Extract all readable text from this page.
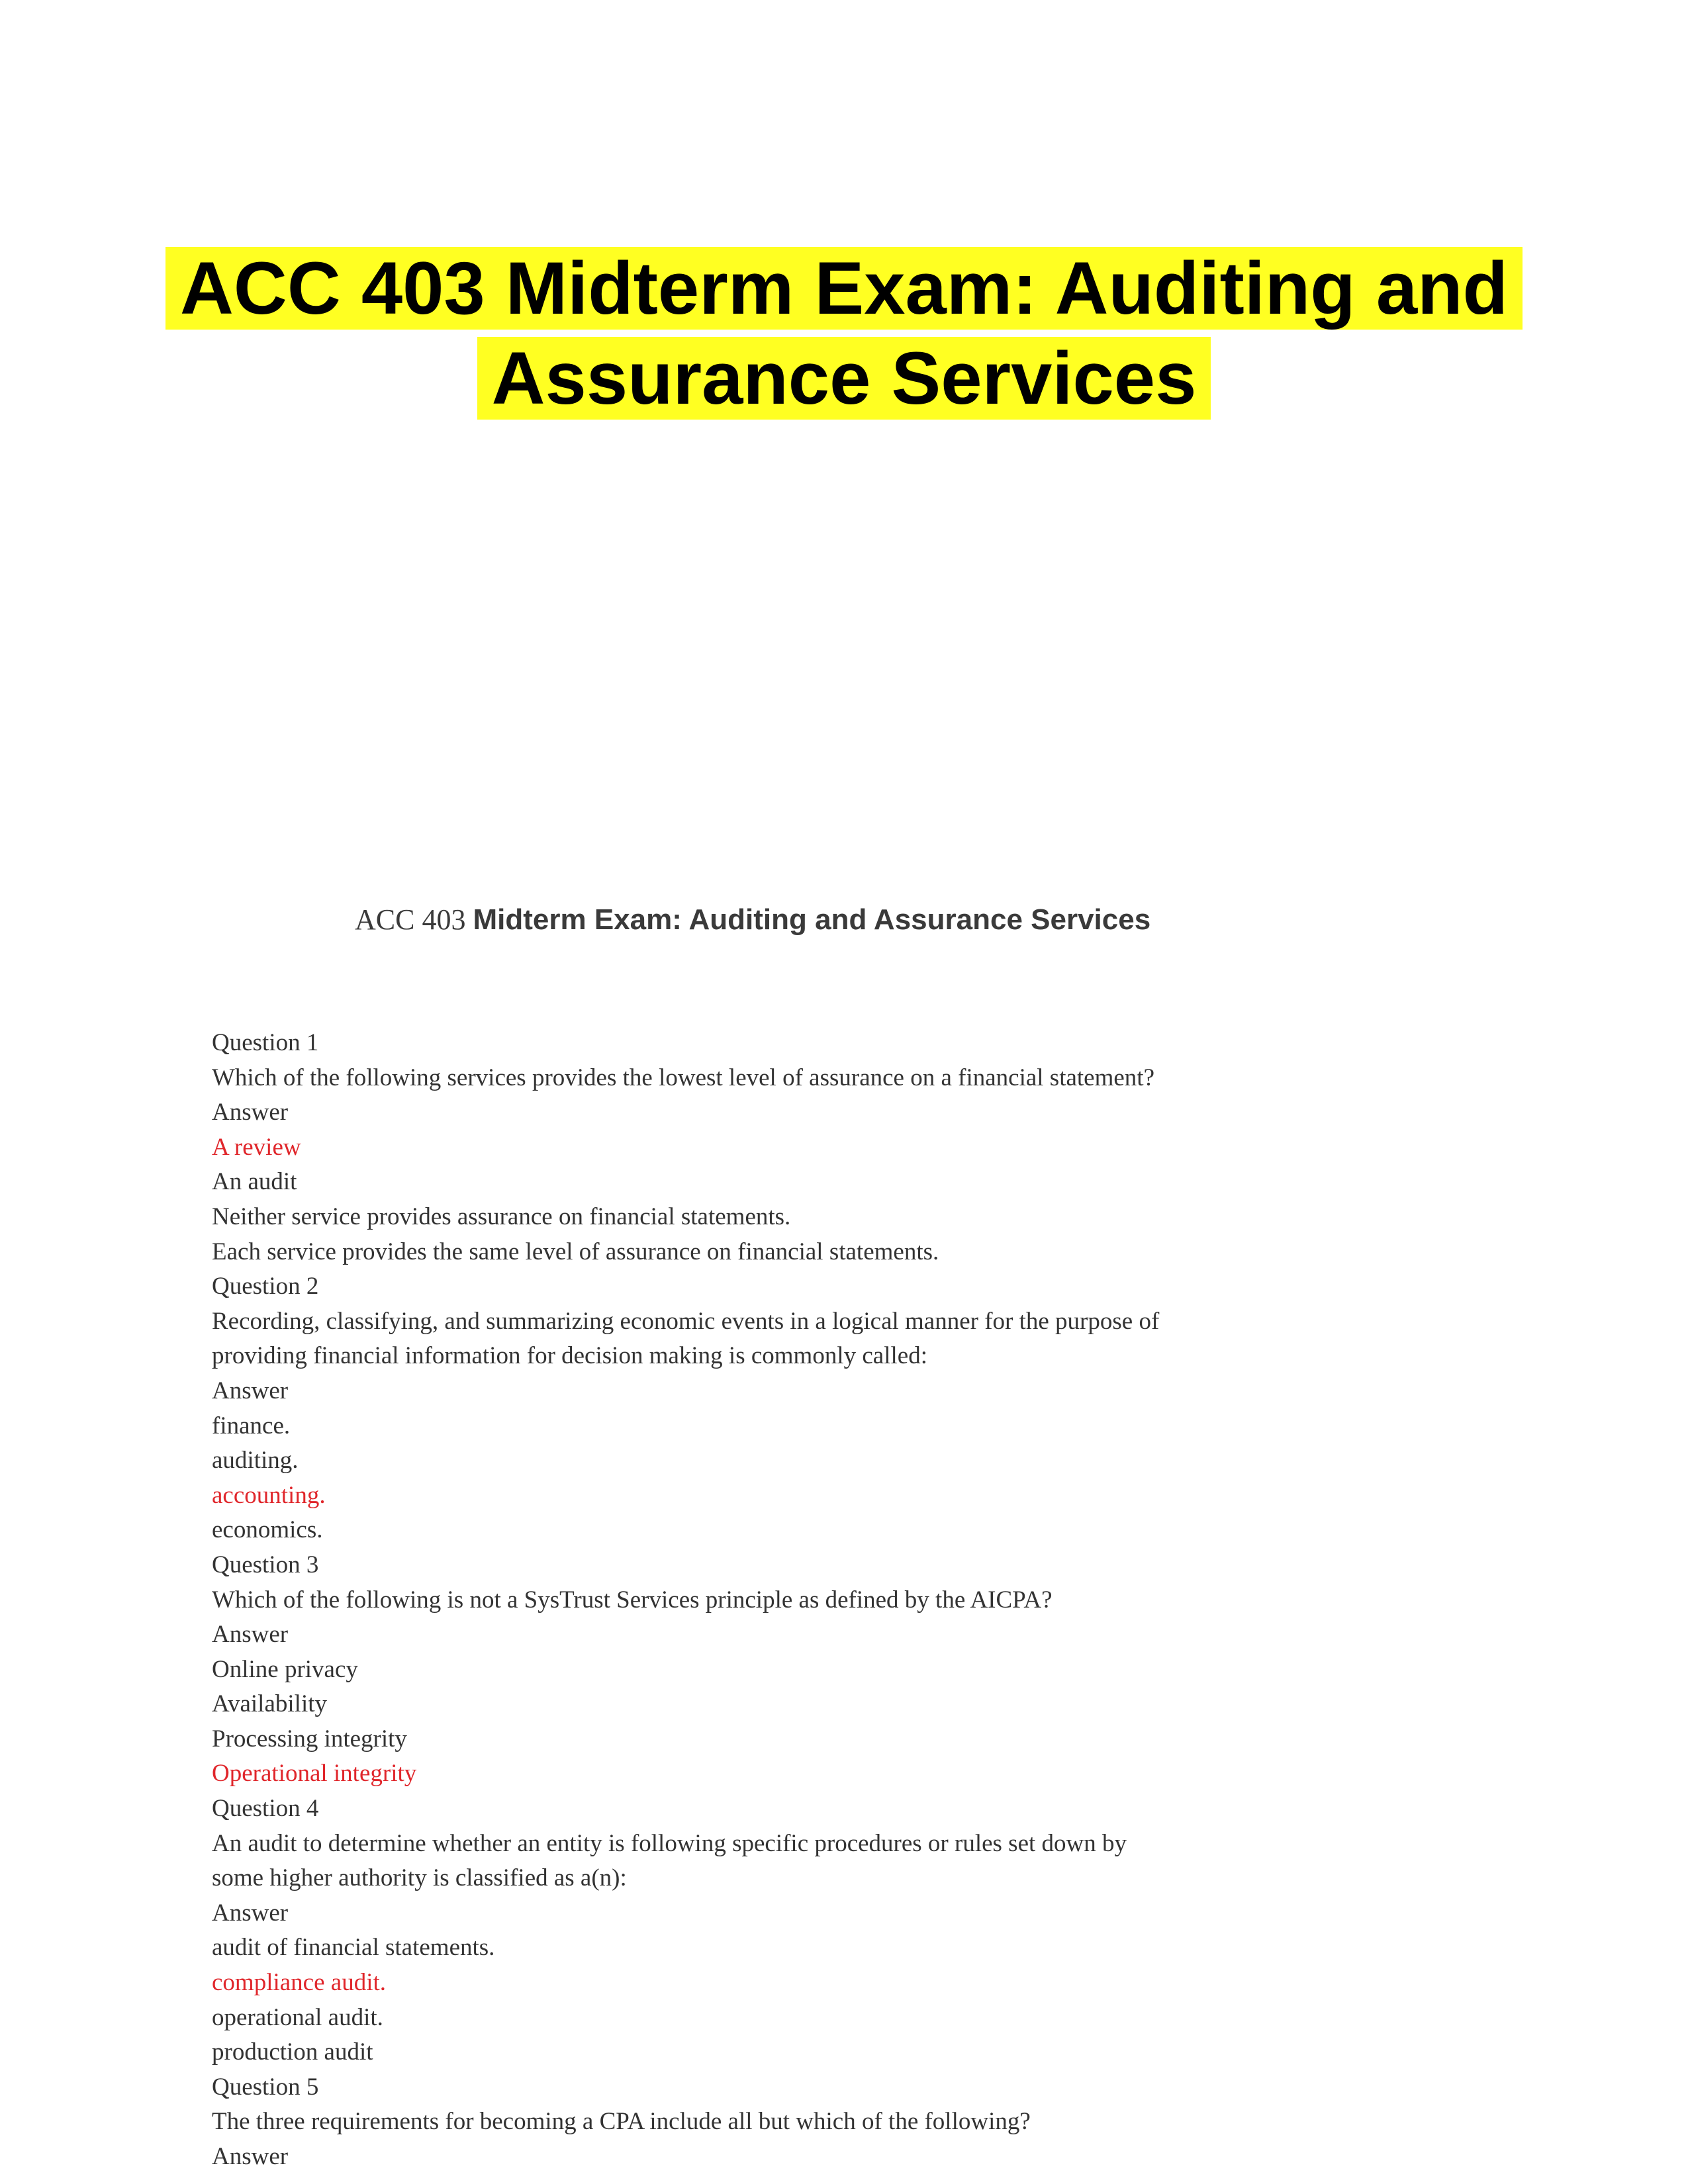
ACC 403 Midterm Exam: Auditing and
Assurance Services
ACC 403 Midterm Exam: Auditing and Assurance Services
Question 1
Which of the following services provides the lowest level of assurance on a financial statement?
Answer
A review
An audit
Neither service provides assurance on financial statements.
Each service provides the same level of assurance on financial statements.
Question 2
Recording, classifying, and summarizing economic events in a logical manner for the purpose of
providing financial information for decision making is commonly called:
Answer
finance.
auditing.
accounting.
economics.
Question 3
Which of the following is not a SysTrust Services principle as defined by the AICPA?
Answer
Online privacy
Availability
Processing integrity
Operational integrity
Question 4
An audit to determine whether an entity is following specific procedures or rules set down by
some higher authority is classified as a(n):
Answer
audit of financial statements.
compliance audit.
operational audit.
production audit
Question 5
The three requirements for becoming a CPA include all but which of the following?
Answer
